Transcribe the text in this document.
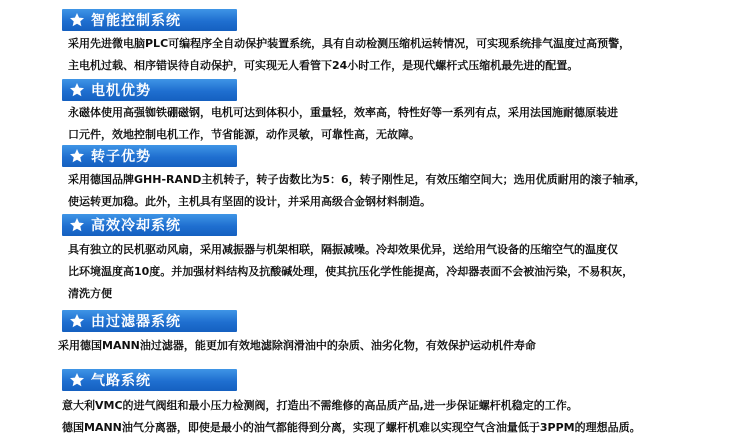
智能控制系统
采用先进微电脑PLC可编程序全自动保护装置系统，具有自动检测压缩机运转情况，可实现系统排气温度过高预警，
主电机过载、相序错误待自动保护，可实现无人看管下24小时工作，是现代螺杆式压缩机最先进的配置。
电机优势
永磁体使用高强铷铁硼磁钢，电机可达到体积小，重量轻，效率高，特性好等一系列有点，采用法国施耐德原装进
口元件，效地控制电机工作，节省能源，动作灵敏，可靠性高，无故障。
转子优势
采用德国品牌GHH-RAND主机转子，转子齿数比为5：6，转子刚性足，有效压缩空间大；选用优质耐用的滚子轴承，
使运转更加稳。此外，主机具有坚固的设计，并采用高级合金钢材料制造。
高效冷却系统
具有独立的民机驱动风扇，采用减振器与机架相联，隔振减噪。冷却效果优异，送给用气设备的压缩空气的温度仅
比环境温度高10度。并加强材料结构及抗酸碱处理，使其抗压化学性能提高，冷却器表面不会被油污染，不易积灰，
清洗方便
由过滤器系统
采用德国MANN油过滤器，能更加有效地滤除润滑油中的杂质、油劣化物，有效保护运动机件寿命
气路系统
意大利VMC的进气阀组和最小压力检测阀，打造出不需维修的高品质产品,进一步保证螺杆机稳定的工作。
德国MANN油气分离器，即使是最小的油气都能得到分离，实现了螺杆机难以实现空气含油量低于3PPM的理想品质。
